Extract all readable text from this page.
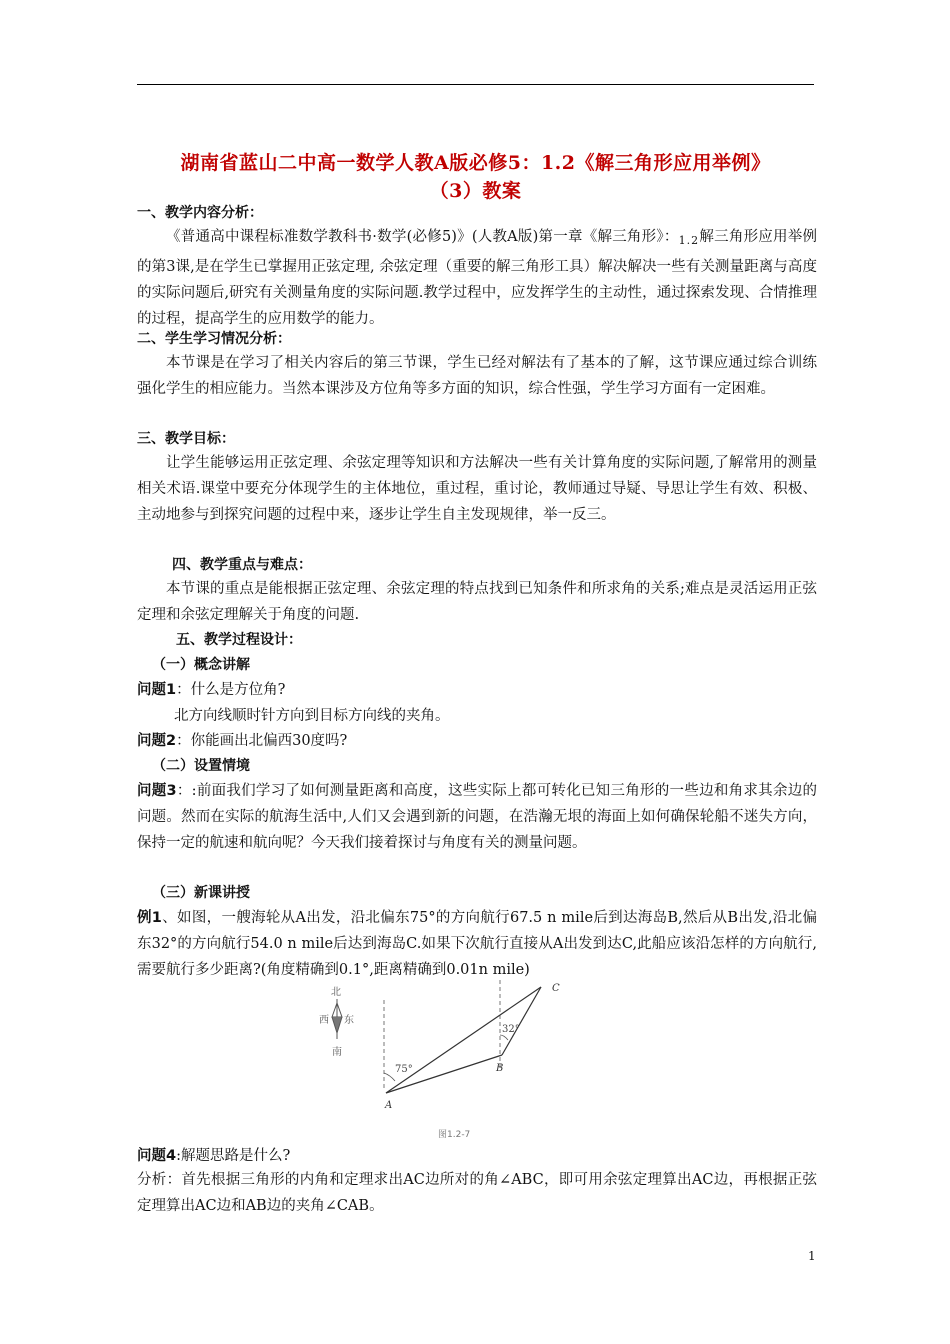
湖南省蓝山二中高一数学人教A版必修5：1.2《解三角形应用举例》
（3）教案
一、教学内容分析：

《普通高中课程标准数学教科书·数学(必修5)》(人教A版)第一章《解三角形》：$_{1.2}$解三角形应用举例的第3课,是在学生已掌握用正弦定理, 余弦定理（重要的解三角形工具）解决解决一些有关测量距离与高度的实际问题后,研究有关测量角度的实际问题.教学过程中，应发挥学生的主动性，通过探索发现、合情推理的过程，提高学生的应用数学的能力。

二、学生学习情况分析：

本节课是在学习了相关内容后的第三节课，学生已经对解法有了基本的了解，这节课应通过综合训练强化学生的相应能力。当然本课涉及方位角等多方面的知识，综合性强，学生学习方面有一定困难。

三、教学目标：

让学生能够运用正弦定理、余弦定理等知识和方法解决一些有关计算角度的实际问题,了解常用的测量相关术语.课堂中要充分体现学生的主体地位，重过程，重讨论，教师通过导疑、导思让学生有效、积极、主动地参与到探究问题的过程中来，逐步让学生自主发现规律，举一反三。

四、教学重点与难点：

本节课的重点是能根据正弦定理、余弦定理的特点找到已知条件和所求角的关系;难点是灵活运用正弦定理和余弦定理解关于角度的问题.

五、教学过程设计：
（一）概念讲解
问题1：什么是方位角?
北方向线顺时针方向到目标方向线的夹角。
问题2：你能画出北偏西30度吗?
（二）设置情境

问题3：:前面我们学习了如何测量距离和高度，这些实际上都可转化已知三角形的一些边和角求其余边的问题。然而在实际的航海生活中,人们又会遇到新的问题，在浩瀚无垠的海面上如何确保轮船不迷失方向，保持一定的航速和航向呢？今天我们接着探讨与角度有关的测量问题。

（三）新课讲授

例1、如图，一艘海轮从A出发，沿北偏东75°的方向航行67.5 n mile后到达海岛B,然后从B出发,沿北偏东32°的方向航行54.0 n mile后达到海岛C.如果下次航行直接从A出发到达C,此船应该沿怎样的方向航行,需要航行多少距离?(角度精确到0.1°,距离精确到0.01n mile)

北
西 东
南
75°
32°
A
B
C
图1.2-7
问题4:解题思路是什么?

分析：首先根据三角形的内角和定理求出AC边所对的角∠ABC，即可用余弦定理算出AC边，再根据正弦定理算出AC边和AB边的夹角∠CAB。

1
